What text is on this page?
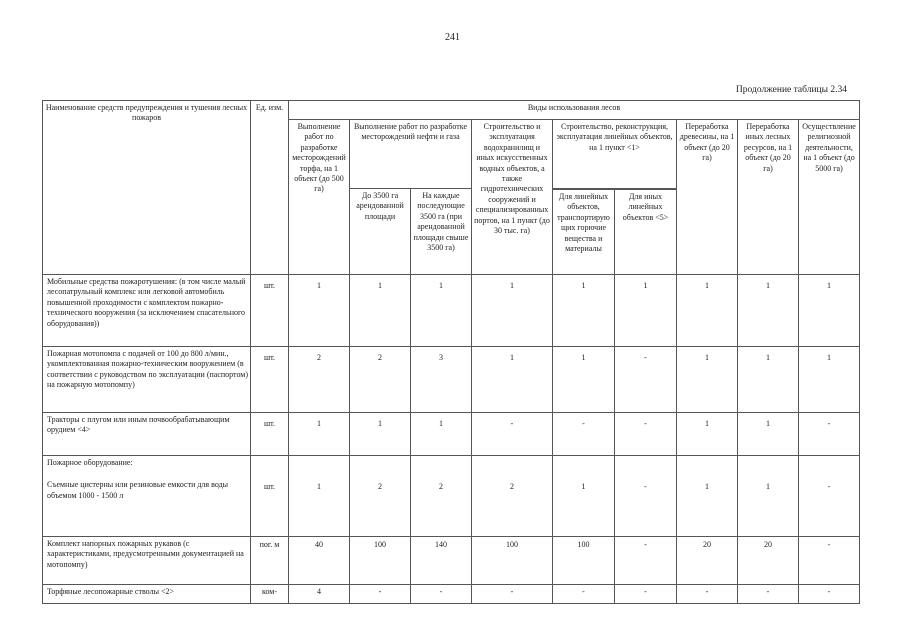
241
Продолжение таблицы 2.34
Наименование средств предупреждения и тушения лесных пожаров	Ед. изм.	Виды использования лесов								
		Выполнение работ по разработке месторождений торфа, на 1 объект (до 500 га)	Выполнение работ по разработке месторождений нефти и газа		Строительство и эксплуатация водохранилищ и иных искусственных водных объектов, а также гидротехнических сооружений и специализированных портов, на 1 пункт (до 30 тыс. га)	Строительство, реконструкция, эксплуатация линейных объектов, на 1 пункт <1>		Переработка древесины, на 1 объект (до 20 га)	Переработка иных лесных ресурсов, на 1 объект (до 20 га)	Осуществление религиозной деятельности, на 1 объект (до 5000 га)
			До 3500 га арендованной площади	На каждые последующие 3500 га (при арендованной площади свыше 3500 га)						
						Для линейных объектов, транспортирующих горючие вещества и материалы	Для иных линейных объектов <5>			
Мобильные средства пожаротушения: (в том числе малый лесопатрульный комплекс или легковой автомобиль повышенной проходимости с комплектом пожарно-технического вооружения (за исключением спасательного оборудования))	шт.	1	1	1	1	1	1	1	1	1
Пожарная мотопомпа с подачей от 100 до 800 л/мин., укомплектованная пожарно-техническим вооружением (в соответствии с руководством по эксплуатации (паспортом) на пожарную мотопомпу)	шт.	2	2	3	1	1	-	1	1	1
Тракторы с плугом или иным почвообрабатывающим орудием <4>	шт.	1	1	1	-	-	-	1	1	-
Пожарное оборудование:
Съемные цистерны или резиновые емкости для воды объемом 1000 - 1500 л	шт.	1	2	2	2	1	-	1	1	-
Комплект напорных пожарных рукавов (с характеристиками, предусмотренными документацией на мотопомпу)	пог. м	40	100	140	100	100	-	20	20	-
Торфяные лесопожарные стволы <2>	ком-	4	-	-	-	-	-	-	-	-
